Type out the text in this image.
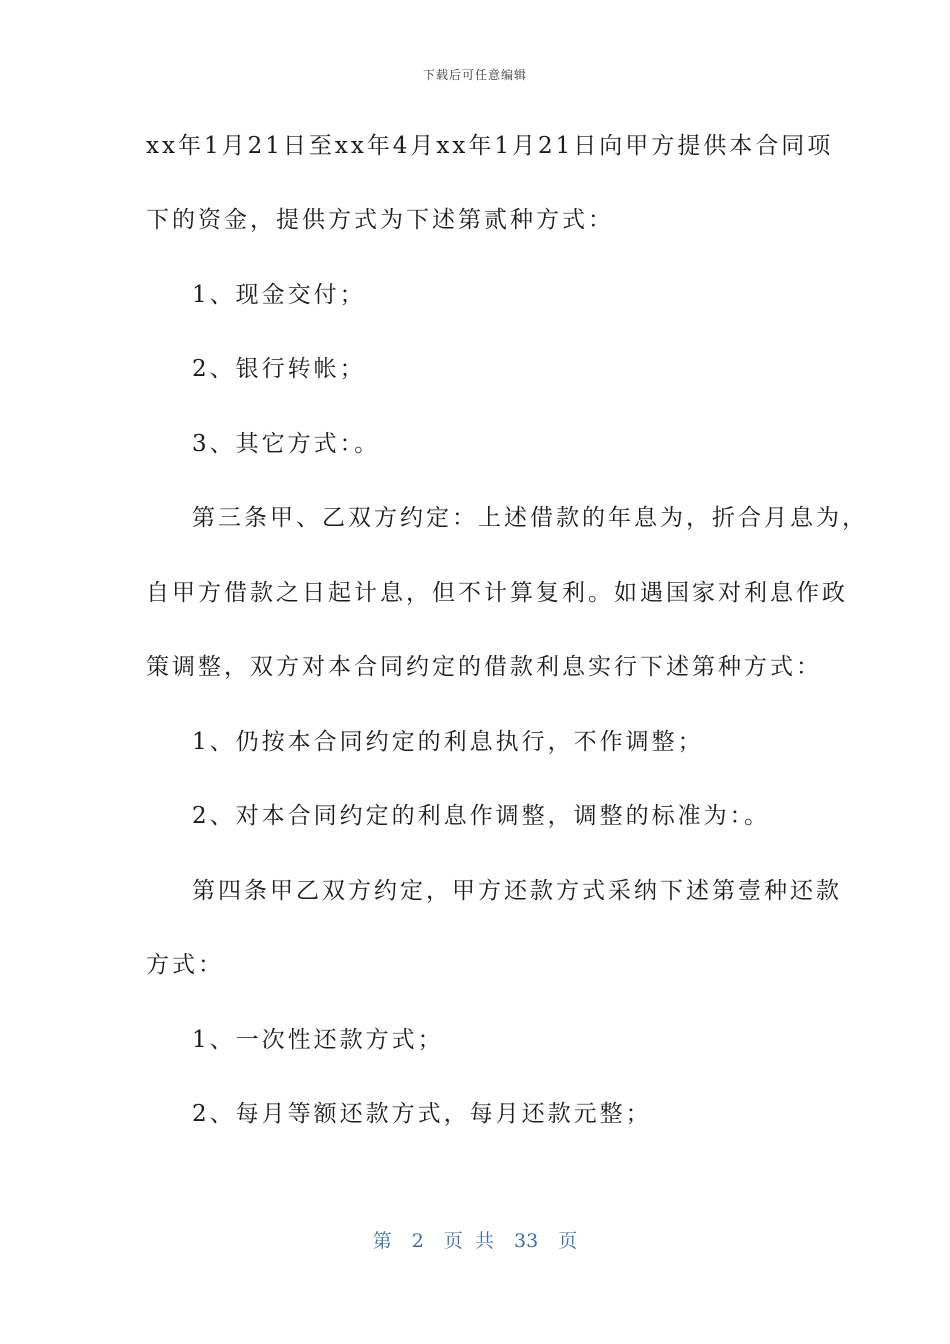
下载后可任意编辑
xx年1月21日至xx年4月xx年1月21日向甲方提供本合同项
下的资金，提供方式为下述第贰种方式：
1、现金交付；
2、银行转帐；
3、其它方式：。
第三条甲、乙双方约定：上述借款的年息为，折合月息为，
自甲方借款之日起计息，但不计算复利。如遇国家对利息作政
策调整，双方对本合同约定的借款利息实行下述第种方式：
1、仍按本合同约定的利息执行，不作调整；
2、对本合同约定的利息作调整，调整的标准为：。
第四条甲乙双方约定，甲方还款方式采纳下述第壹种还款
方式：
1、一次性还款方式；
2、每月等额还款方式，每月还款元整；
第 2 页 共 33 页
